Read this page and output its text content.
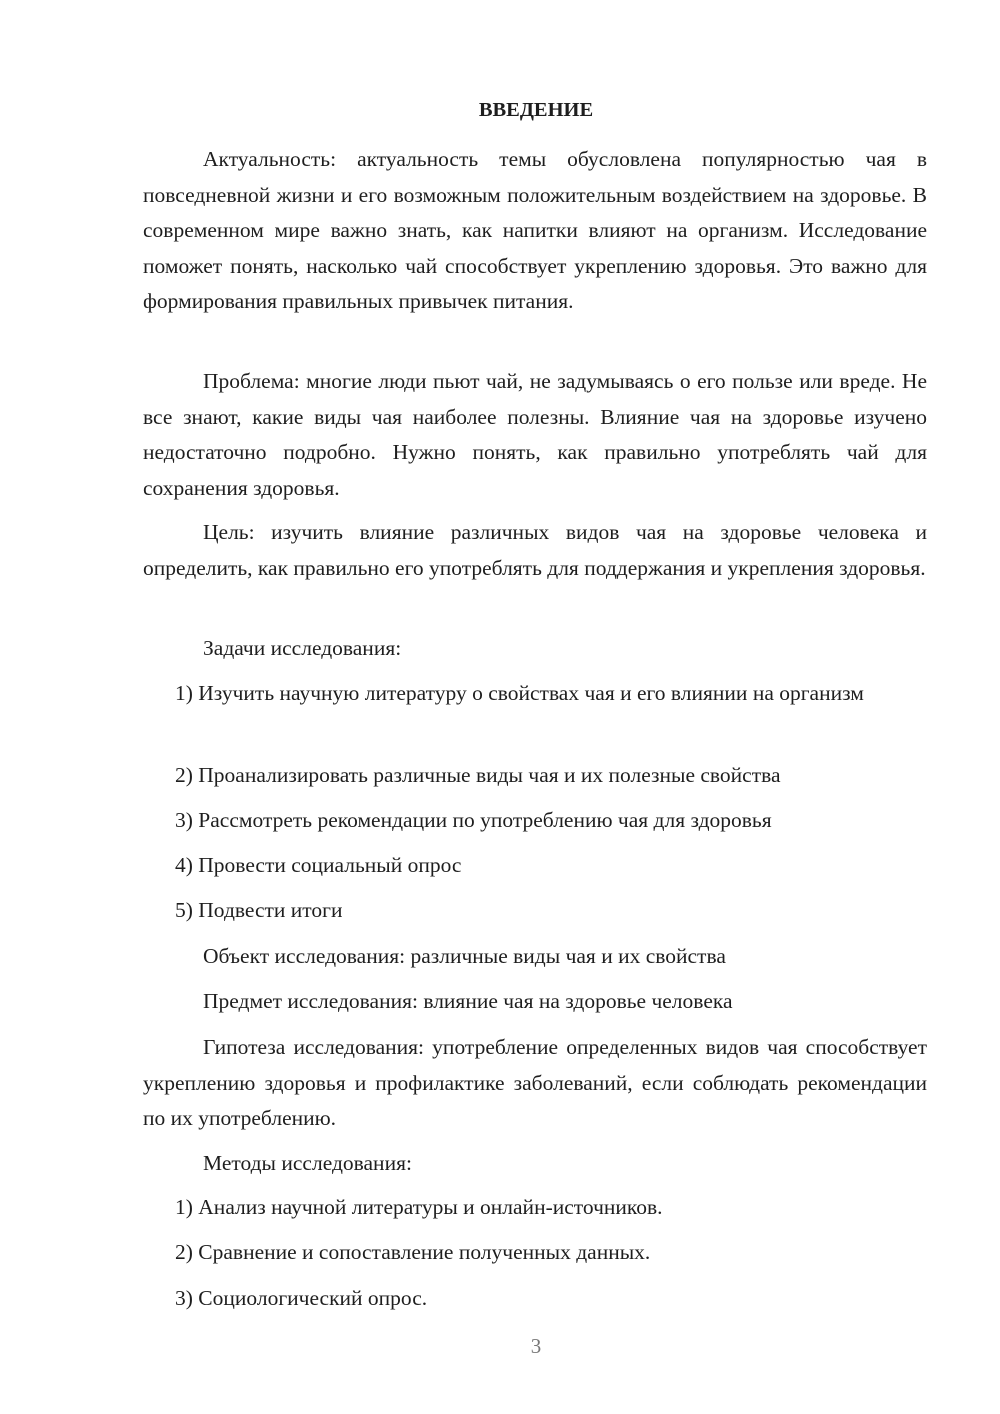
ВВЕДЕНИЕ

Актуальность: актуальность темы обусловлена популярностью чая в повседневной жизни и его возможным положительным воздействием на здоровье. В современном мире важно знать, как напитки влияют на организм. Исследование поможет понять, насколько чай способствует укреплению здоровья. Это важно для формирования правильных привычек питания.

Проблема: многие люди пьют чай, не задумываясь о его пользе или вреде. Не все знают, какие виды чая наиболее полезны. Влияние чая на здоровье изучено недостаточно подробно. Нужно понять, как правильно употреблять чай для сохранения здоровья.

Цель: изучить влияние различных видов чая на здоровье человека и определить, как правильно его употреблять для поддержания и укрепления здоровья.

Задачи исследования:

1) Изучить научную литературу о свойствах чая и его влиянии на организм

2) Проанализировать различные виды чая и их полезные свойства

3) Рассмотреть рекомендации по употреблению чая для здоровья

4) Провести социальный опрос

5) Подвести итоги

Объект исследования: различные виды чая и их свойства

Предмет исследования: влияние чая на здоровье человека

Гипотеза исследования: употребление определенных видов чая способствует укреплению здоровья и профилактике заболеваний, если соблюдать рекомендации по их употреблению.

Методы исследования:

1) Анализ научной литературы и онлайн-источников.

2) Сравнение и сопоставление полученных данных.

3) Социологический опрос.

3
